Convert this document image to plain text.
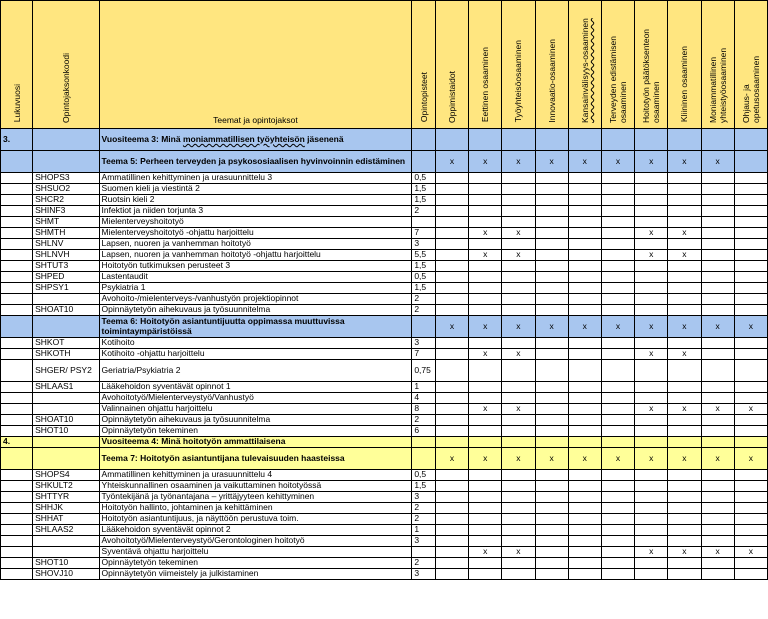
Lukuvuosi	Opintojaksonkoodi	Teemat ja opintojaksot	Opintopisteet	Oppimistaidot	Eettinen osaaminen	Työyhteisöosaaminen	Innovaatio-osaaminen	Kansainvälisyys-osaaminen	Terveyden edistämisen osaaminen	Hoitotyön päätöksenteon osaaminen	Kliininen osaaminen	Moniammatillinen yhteistyöosaaminen	Ohjaus- ja opetusosaaminen
3.		Vuositeema 3: Minä moniammatillisen työyhteisön jäsenenä											
		Teema 5: Perheen terveyden ja psykososiaalisen hyvinvoinnin edistäminen		x	x	x	x	x	x	x	x	x	
	SHOPS3	Ammatillinen kehittyminen ja urasuunnittelu 3	0,5										
	SHSUO2	Suomen kieli ja viestintä 2	1,5										
	SHCR2	Ruotsin kieli 2	1,5										
	SHINF3	Infektiot ja niiden torjunta 3	2										
	SHMT	Mielenterveyshoitotyö											
	SHMTH	Mielenterveyshoitotyö -ohjattu harjoittelu	7		x	x				x	x		
	SHLNV	Lapsen, nuoren ja vanhemman hoitotyö	3										
	SHLNVH	Lapsen, nuoren ja vanhemman hoitotyö -ohjattu harjoittelu	5,5		x	x				x	x		
	SHTUT3	Hoitotyön tutkimuksen perusteet 3	1,5										
	SHPED	Lastentaudit	0,5										
	SHPSY1	Psykiatria 1	1,5										
		Avohoito-/mielenterveys-/vanhustyön projektiopinnot	2										
	SHOAT10	Opinnäytetyön aihekuvaus ja työsuunnitelma	2										
		Teema 6: Hoitotyön asiantuntijuutta oppimassa muuttuvissa toimintaympäristöissä		x	x	x	x	x	x	x	x	x	x
	SHKOT	Kotihoito	3										
	SHKOTH	Kotihoito -ohjattu harjoittelu	7		x	x				x	x		
	SHGER/ PSY2	Geriatria/Psykiatria 2	0,75										
	SHLAAS1	Lääkehoidon syventävät opinnot 1	1										
		Avohoitotyö/Mielenterveystyö/Vanhustyö	4										
		Valinnainen ohjattu harjoittelu	8		x	x				x	x	x	x
	SHOAT10	Opinnäytetyön aihekuvaus ja työsuunnitelma	2										
	SHOT10	Opinnäytetyön tekeminen	6										
4.		Vuositeema 4: Minä hoitotyön ammattilaisena											
		Teema 7: Hoitotyön asiantuntijana tulevaisuuden haasteissa		x	x	x	x	x	x	x	x	x	x
	SHOPS4	Ammatillinen kehittyminen ja urasuunnittelu 4	0,5										
	SHKULT2	Yhteiskunnallinen osaaminen ja vaikuttaminen hoitotyössä	1,5										
	SHTTYR	Työntekijänä ja työnantajana – yrittäjyyteen kehittyminen	3										
	SHHJK	Hoitotyön hallinto, johtaminen ja kehittäminen	2										
	SHHAT	Hoitotyön asiantuntijuus, ja näyttöön perustuva toim.	2										
	SHLAAS2	Lääkehoidon syventävät opinnot 2	1										
		Avohoitotyö/Mielenterveystyö/Gerontologinen hoitotyö	3										
		Syventävä ohjattu harjoittelu			x	x				x	x	x	x
	SHOT10	Opinnäytetyön tekeminen	2										
	SHOVJ10	Opinnäytetyön viimeistely ja julkistaminen	3										
